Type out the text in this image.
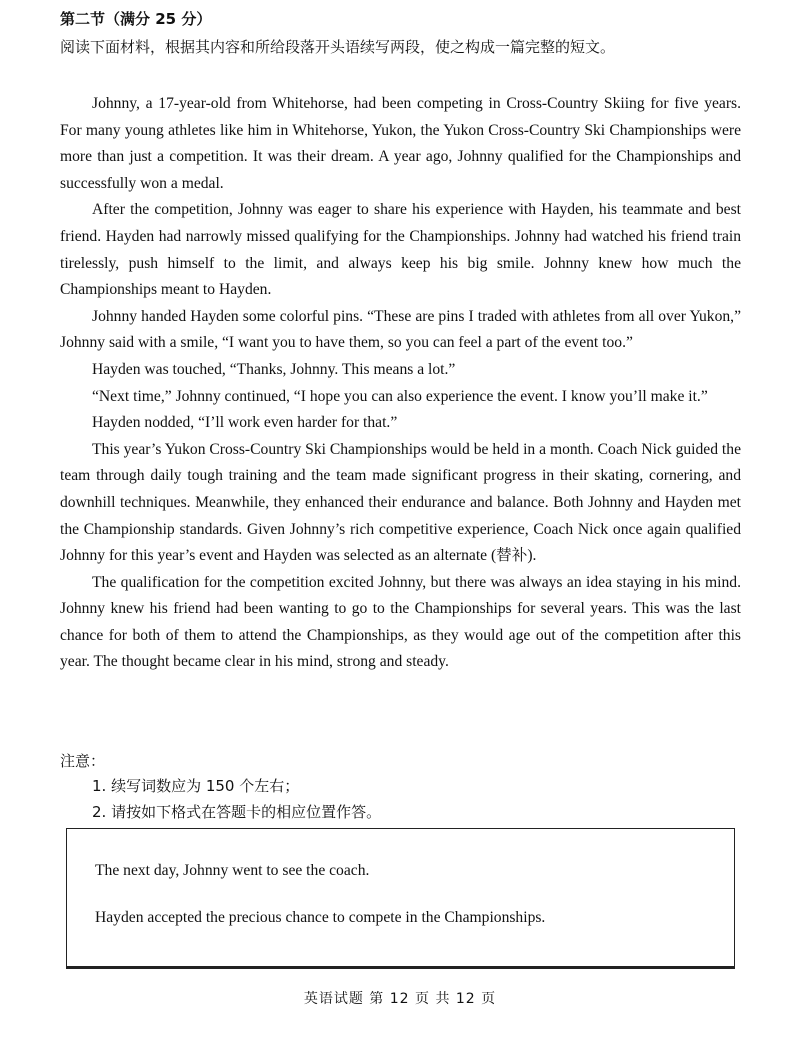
第二节（满分 25 分）
阅读下面材料，根据其内容和所给段落开头语续写两段，使之构成一篇完整的短文。

Johnny, a 17-year-old from Whitehorse, had been competing in Cross-Country Skiing for five years. For many young athletes like him in Whitehorse, Yukon, the Yukon Cross-Country Ski Championships were more than just a competition. It was their dream. A year ago, Johnny qualified for the Championships and successfully won a medal.

After the competition, Johnny was eager to share his experience with Hayden, his teammate and best friend. Hayden had narrowly missed qualifying for the Championships. Johnny had watched his friend train tirelessly, push himself to the limit, and always keep his big smile. Johnny knew how much the Championships meant to Hayden.

Johnny handed Hayden some colorful pins. “These are pins I traded with athletes from all over Yukon,” Johnny said with a smile, “I want you to have them, so you can feel a part of the event too.”

Hayden was touched, “Thanks, Johnny. This means a lot.”

“Next time,” Johnny continued, “I hope you can also experience the event. I know you’ll make it.”

Hayden nodded, “I’ll work even harder for that.”

This year’s Yukon Cross-Country Ski Championships would be held in a month. Coach Nick guided the team through daily tough training and the team made significant progress in their skating, cornering, and downhill techniques. Meanwhile, they enhanced their endurance and balance. Both Johnny and Hayden met the Championship standards. Given Johnny’s rich competitive experience, Coach Nick once again qualified Johnny for this year’s event and Hayden was selected as an alternate (替补).

The qualification for the competition excited Johnny, but there was always an idea staying in his mind. Johnny knew his friend had been wanting to go to the Championships for several years. This was the last chance for both of them to attend the Championships, as they would age out of the competition after this year. The thought became clear in his mind, strong and steady.

注意：
1. 续写词数应为 150 个左右；
2. 请按如下格式在答题卡的相应位置作答。
The next day, Johnny went to see the coach.
Hayden accepted the precious chance to compete in the Championships.
英语试题 第 12 页 共 12 页
